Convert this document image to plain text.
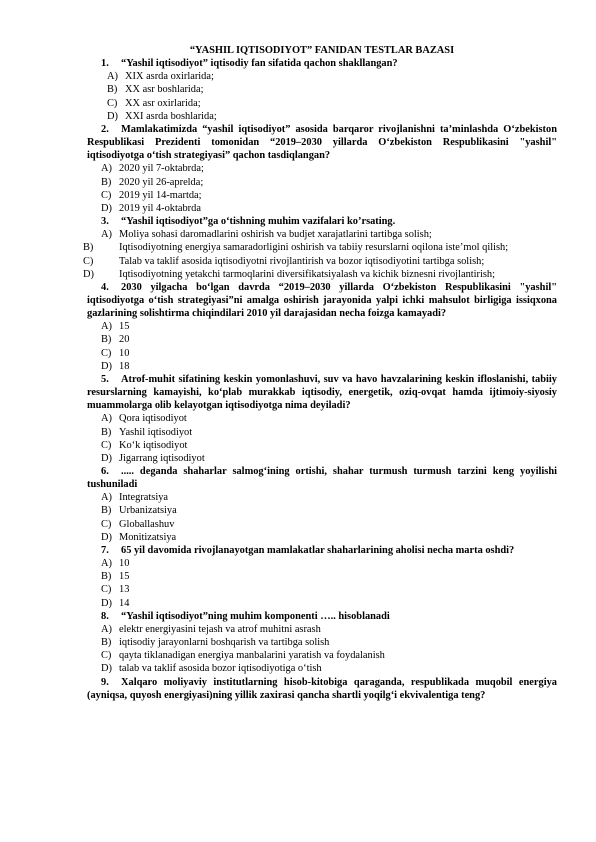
“YASHIL IQTISODIYOT” FANIDAN TESTLAR BAZASI
1. “Yashil iqtisodiyot” iqtisodiy fan sifatida qachon shakllangan?
A) XIX asrda oxirlarida;
B) XX asr boshlarida;
C) XX asr oxirlarida;
D) XXI asrda boshlarida;
2. Mamlakatimizda “yashil iqtisodiyot” asosida barqaror rivojlanishni ta’minlashda O‘zbekiston Respublikasi Prezidenti tomonidan “2019–2030 yillarda O‘zbekiston Respublikasini "yashil" iqtisodiyotga o‘tish strategiyasi” qachon tasdiqlangan?
A) 2020 yil 7-oktabrda;
B) 2020 yil 26-aprelda;
C) 2019 yil 14-martda;
D) 2019 yil 4-oktabrda
3. “Yashil iqtisodiyot”ga o‘tishning muhim vazifalari ko’rsating.
A) Moliya sohasi daromadlarini oshirish va budjet xarajatlarini tartibga solish;
B) Iqtisodiyotning energiya samaradorligini oshirish va tabiiy resurslarni oqilona iste’mol qilish;
C) Talab va taklif asosida iqtisodiyotni rivojlantirish va bozor iqtisodiyotini tartibga solish;
D) Iqtisodiyotning yetakchi tarmoqlarini diversifikatsiyalash va kichik biznesni rivojlantirish;
4. 2030 yilgacha bo‘lgan davrda “2019–2030 yillarda O‘zbekiston Respublikasini "yashil" iqtisodiyotga o‘tish strategiyasi”ni amalga oshirish jarayonida yalpi ichki mahsulot birligiga issiqxona gazlarining solishtirma chiqindilari 2010 yil darajasidan necha foizga kamayadi?
A) 15
B) 20
C) 10
D) 18
5. Atrof-muhit sifatining keskin yomonlashuvi, suv va havo havzalarining keskin ifloslanishi, tabiiy resurslarning kamayishi, ko‘plab murakkab iqtisodiy, energetik, oziq-ovqat hamda ijtimoiy-siyosiy muammolarga olib kelayotgan iqtisodiyotga nima deyiladi?
A) Qora iqtisodiyot
B) Yashil iqtisodiyot
C) Ko‘k iqtisodiyot
D) Jigarrang iqtisodiyot
6. ..... deganda shaharlar salmog‘ining ortishi, shahar turmush turmush tarzini keng yoyilishi tushuniladi
A) Integratsiya
B) Urbanizatsiya
C) Globallashuv
D) Monitizatsiya
7. 65 yil davomida rivojlanayotgan mamlakatlar shaharlarining aholisi necha marta oshdi?
A) 10
B) 15
C) 13
D) 14
8. “Yashil iqtisodiyot”ning muhim komponenti ….. hisoblanadi
A) elektr energiyasini tejash va atrof muhitni asrash
B) iqtisodiy jarayonlarni boshqarish va tartibga solish
C) qayta tiklanadigan energiya manbalarini yaratish va foydalanish
D) talab va taklif asosida bozor iqtisodiyotiga o‘tish
9. Xalqaro moliyaviy institutlarning hisob-kitobiga qaraganda, respublikada muqobil energiya (ayniqsa, quyosh energiyasi)ning yillik zaxirasi qancha shartli yoqilg‘i ekvivalentiga teng?
